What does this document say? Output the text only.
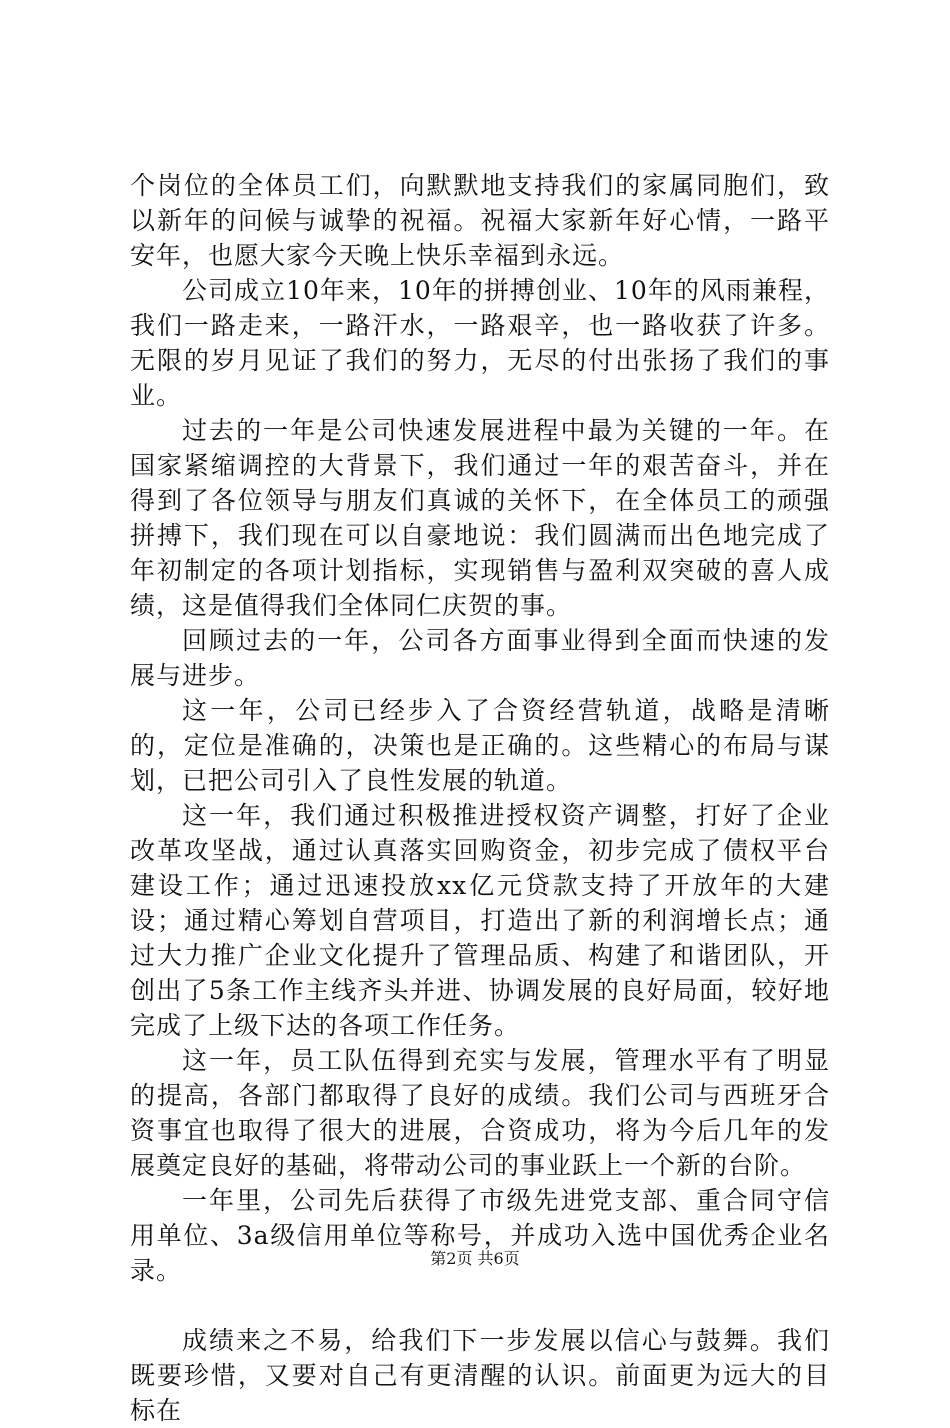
个岗位的全体员工们，向默默地支持我们的家属同胞们，致以新年的问候与诚挚的祝福。祝福大家新年好心情，一路平安年，也愿大家今天晚上快乐幸福到永远。

公司成立10年来，10年的拼搏创业、10年的风雨兼程，我们一路走来，一路汗水，一路艰辛，也一路收获了许多。无限的岁月见证了我们的努力，无尽的付出张扬了我们的事业。

过去的一年是公司快速发展进程中最为关键的一年。在国家紧缩调控的大背景下，我们通过一年的艰苦奋斗，并在得到了各位领导与朋友们真诚的关怀下，在全体员工的顽强拼搏下，我们现在可以自豪地说：我们圆满而出色地完成了年初制定的各项计划指标，实现销售与盈利双突破的喜人成绩，这是值得我们全体同仁庆贺的事。

回顾过去的一年，公司各方面事业得到全面而快速的发展与进步。

这一年，公司已经步入了合资经营轨道，战略是清晰的，定位是准确的，决策也是正确的。这些精心的布局与谋划，已把公司引入了良性发展的轨道。

这一年，我们通过积极推进授权资产调整，打好了企业改革攻坚战，通过认真落实回购资金，初步完成了债权平台建设工作；通过迅速投放xx亿元贷款支持了开放年的大建设；通过精心筹划自营项目，打造出了新的利润增长点；通过大力推广企业文化提升了管理品质、构建了和谐团队，开创出了5条工作主线齐头并进、协调发展的良好局面，较好地完成了上级下达的各项工作任务。

这一年，员工队伍得到充实与发展，管理水平有了明显的提高，各部门都取得了良好的成绩。我们公司与西班牙合资事宜也取得了很大的进展，合资成功，将为今后几年的发展奠定良好的基础，将带动公司的事业跃上一个新的台阶。

一年里，公司先后获得了市级先进党支部、重合同守信用单位、3a级信用单位等称号，并成功入选中国优秀企业名录。

成绩来之不易，给我们下一步发展以信心与鼓舞。我们既要珍惜，又要对自己有更清醒的认识。前面更为远大的目标在

第2页 共6页
